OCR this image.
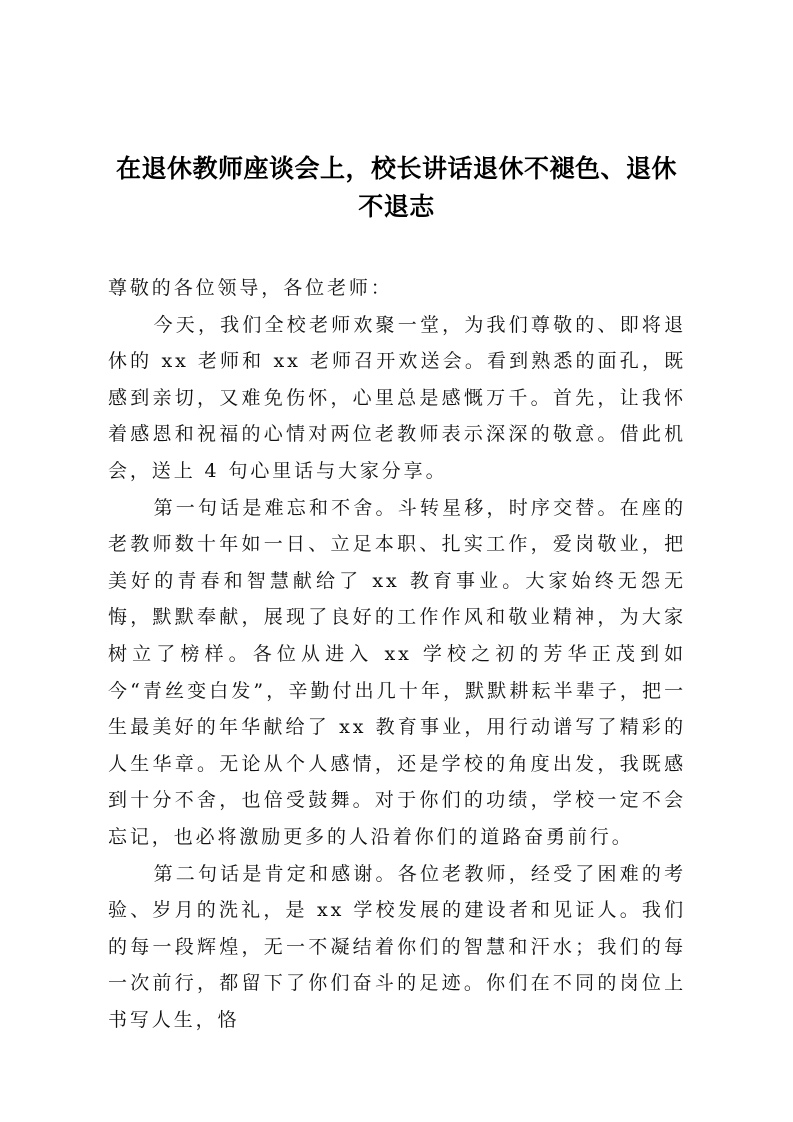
在退休教师座谈会上，校长讲话退休不褪色、退休
不退志

尊敬的各位领导，各位老师：

今天，我们全校老师欢聚一堂，为我们尊敬的、即将退休的 xx 老师和 xx 老师召开欢送会。看到熟悉的面孔，既感到亲切，又难免伤怀，心里总是感慨万千。首先，让我怀着感恩和祝福的心情对两位老教师表示深深的敬意。借此机会，送上 4 句心里话与大家分享。

第一句话是难忘和不舍。斗转星移，时序交替。在座的老教师数十年如一日、立足本职、扎实工作，爱岗敬业，把美好的青春和智慧献给了 xx 教育事业。大家始终无怨无悔，默默奉献，展现了良好的工作作风和敬业精神，为大家树立了榜样。各位从进入 xx 学校之初的芳华正茂到如今“青丝变白发”，辛勤付出几十年，默默耕耘半辈子，把一生最美好的年华献给了 xx 教育事业，用行动谱写了精彩的人生华章。无论从个人感情，还是学校的角度出发，我既感到十分不舍，也倍受鼓舞。对于你们的功绩，学校一定不会忘记，也必将激励更多的人沿着你们的道路奋勇前行。

第二句话是肯定和感谢。各位老教师，经受了困难的考验、岁月的洗礼，是 xx 学校发展的建设者和见证人。我们的每一段辉煌，无一不凝结着你们的智慧和汗水；我们的每一次前行，都留下了你们奋斗的足迹。你们在不同的岗位上书写人生，恪
